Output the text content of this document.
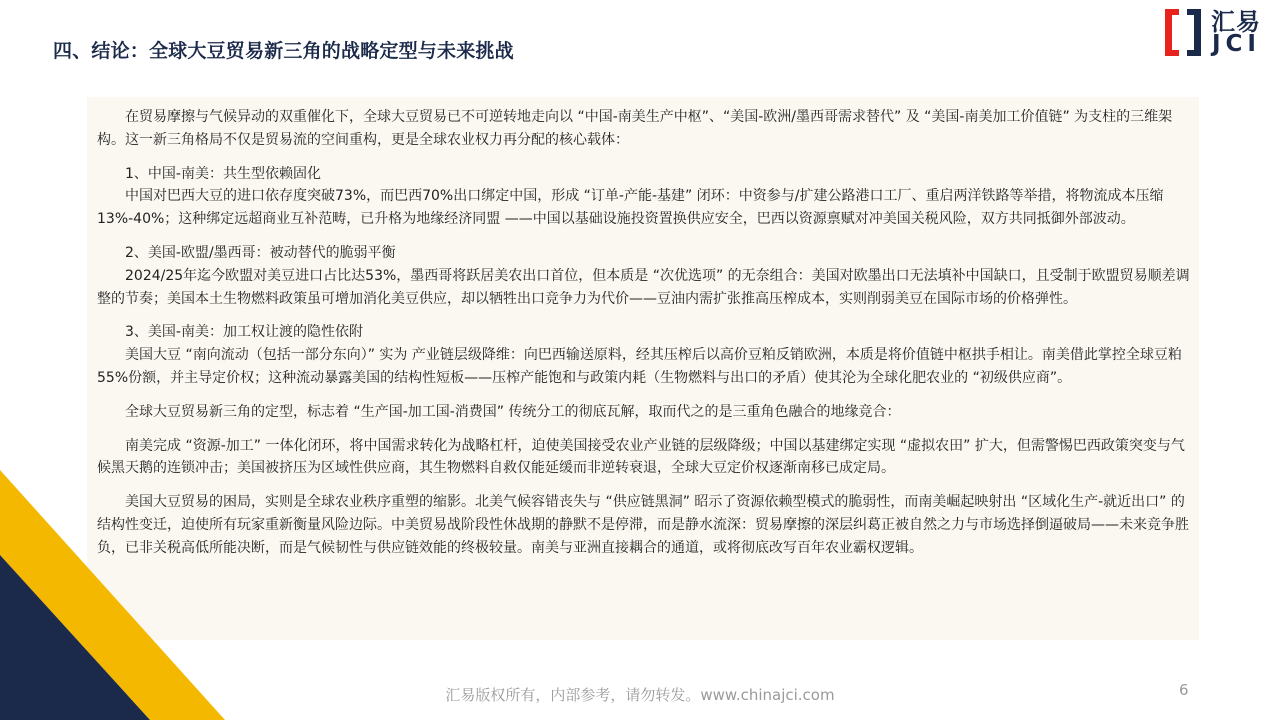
四、结论：全球大豆贸易新三角的战略定型与未来挑战
汇易
JCI

在贸易摩擦与气候异动的双重催化下，全球大豆贸易已不可逆转地走向以 “中国-南美生产中枢”、“美国-欧洲/墨西哥需求替代” 及 “美国-南美加工价值链” 为支柱的三维架构。这一新三角格局不仅是贸易流的空间重构，更是全球农业权力再分配的核心载体：

1、中国-南美：共生型依赖固化

中国对巴西大豆的进口依存度突破73%，而巴西70%出口绑定中国，形成 “订单-产能-基建” 闭环：中资参与/扩建公路港口工厂、重启两洋铁路等举措，将物流成本压缩13%-40%；这种绑定远超商业互补范畴，已升格为地缘经济同盟 ——中国以基础设施投资置换供应安全，巴西以资源禀赋对冲美国关税风险，双方共同抵御外部波动。

2、美国-欧盟/墨西哥：被动替代的脆弱平衡

2024/25年迄今欧盟对美豆进口占比达53%，墨西哥将跃居美农出口首位，但本质是 “次优选项” 的无奈组合：美国对欧墨出口无法填补中国缺口，且受制于欧盟贸易顺差调整的节奏；美国本土生物燃料政策虽可增加消化美豆供应，却以牺牲出口竞争力为代价——豆油内需扩张推高压榨成本，实则削弱美豆在国际市场的价格弹性。

3、美国-南美：加工权让渡的隐性依附

美国大豆 “南向流动（包括一部分东向）” 实为 产业链层级降维：向巴西输送原料，经其压榨后以高价豆粕反销欧洲，本质是将价值链中枢拱手相让。南美借此掌控全球豆粕55%份额，并主导定价权；这种流动暴露美国的结构性短板——压榨产能饱和与政策内耗（生物燃料与出口的矛盾）使其沦为全球化肥农业的 “初级供应商”。

全球大豆贸易新三角的定型，标志着 “生产国-加工国-消费国” 传统分工的彻底瓦解，取而代之的是三重角色融合的地缘竞合：

南美完成 “资源-加工” 一体化闭环，将中国需求转化为战略杠杆，迫使美国接受农业产业链的层级降级；中国以基建绑定实现 “虚拟农田” 扩大，但需警惕巴西政策突变与气候黑天鹅的连锁冲击；美国被挤压为区域性供应商，其生物燃料自救仅能延缓而非逆转衰退，全球大豆定价权逐渐南移已成定局。

美国大豆贸易的困局，实则是全球农业秩序重塑的缩影。北美气候容错丧失与 “供应链黑洞” 昭示了资源依赖型模式的脆弱性，而南美崛起映射出 “区域化生产-就近出口” 的结构性变迁，迫使所有玩家重新衡量风险边际。中美贸易战阶段性休战期的静默不是停滞，而是静水流深：贸易摩擦的深层纠葛正被自然之力与市场选择倒逼破局——未来竞争胜负，已非关税高低所能决断，而是气候韧性与供应链效能的终极较量。南美与亚洲直接耦合的通道，或将彻底改写百年农业霸权逻辑。

汇易版权所有，内部参考，请勿转发。www.chinajci.com	6
